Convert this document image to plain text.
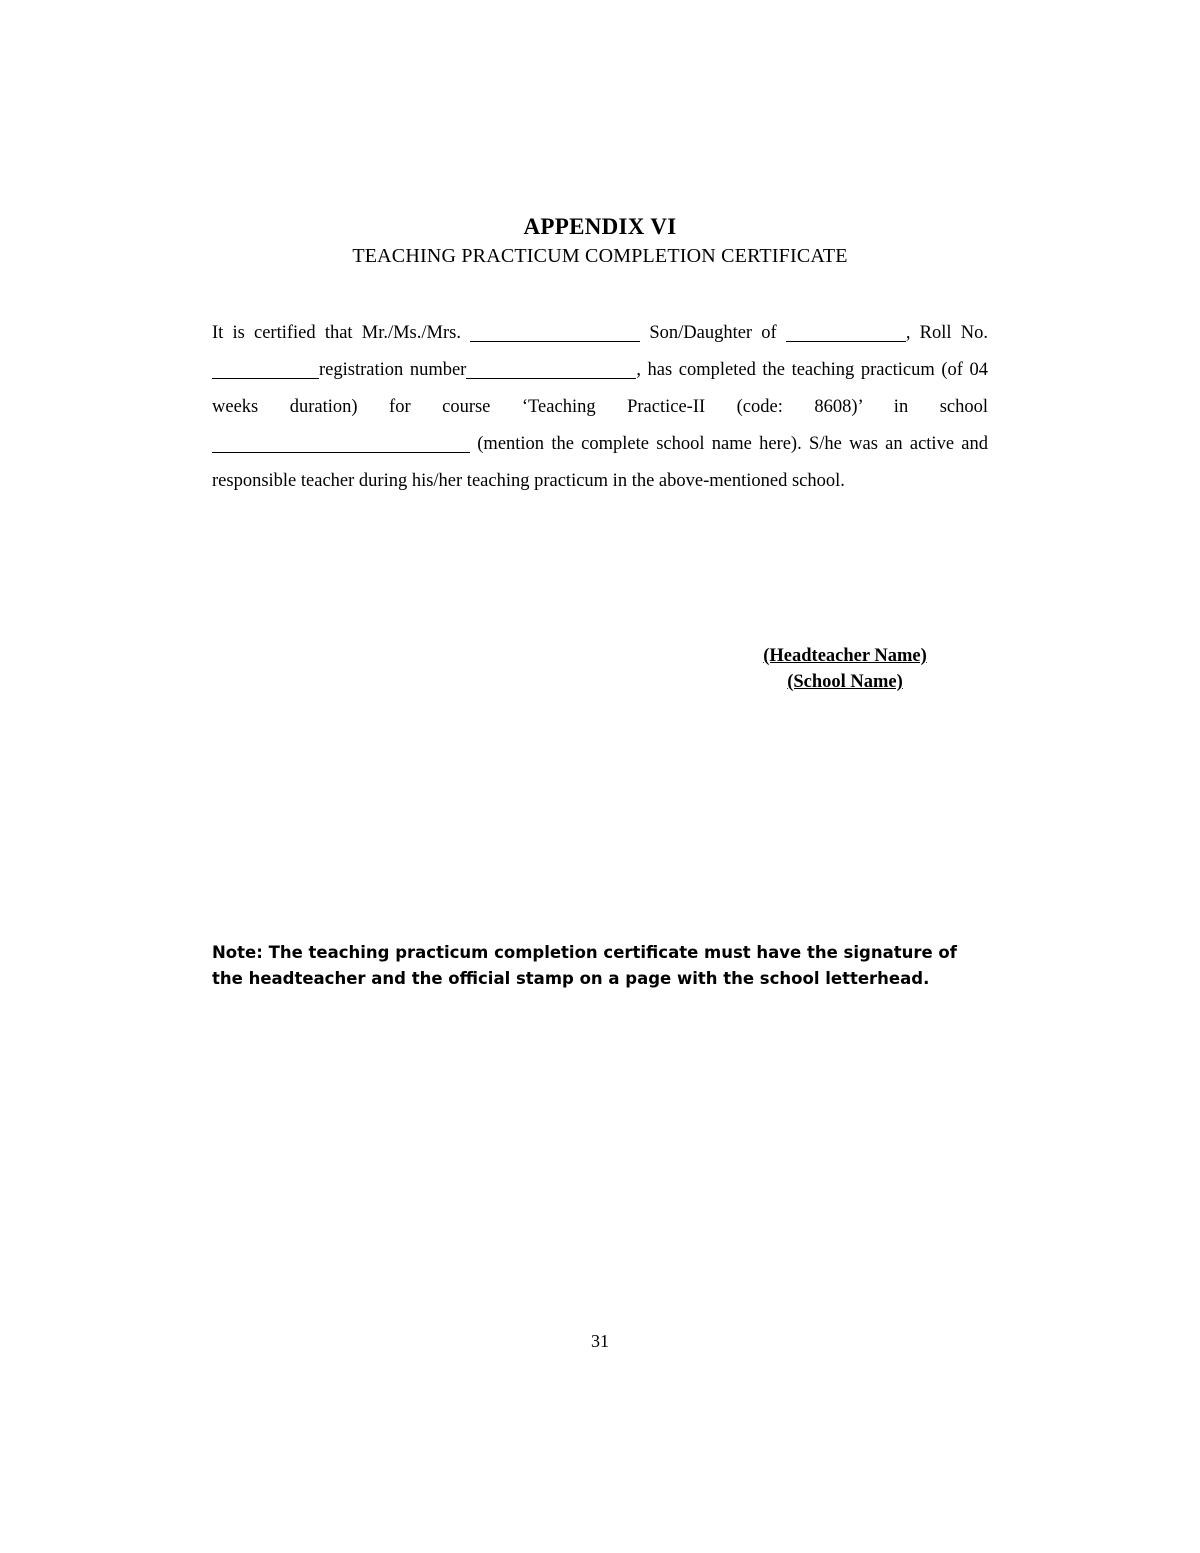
APPENDIX VI
TEACHING PRACTICUM COMPLETION CERTIFICATE
It is certified that Mr./Ms./Mrs.	Son/Daughter of	, Roll No.registration number	, has completed the teaching practicum (of 04 weeks duration) for course ‘Teaching Practice-II (code: 8608)’ in school (mention the complete school name here). S/he was an active and responsible teacher during his/her teaching practicum in the above-mentioned school.
(Headteacher Name)
(School Name)
Note: The teaching practicum completion certificate must have the signature of the headteacher and the official stamp on a page with the school letterhead.
31
